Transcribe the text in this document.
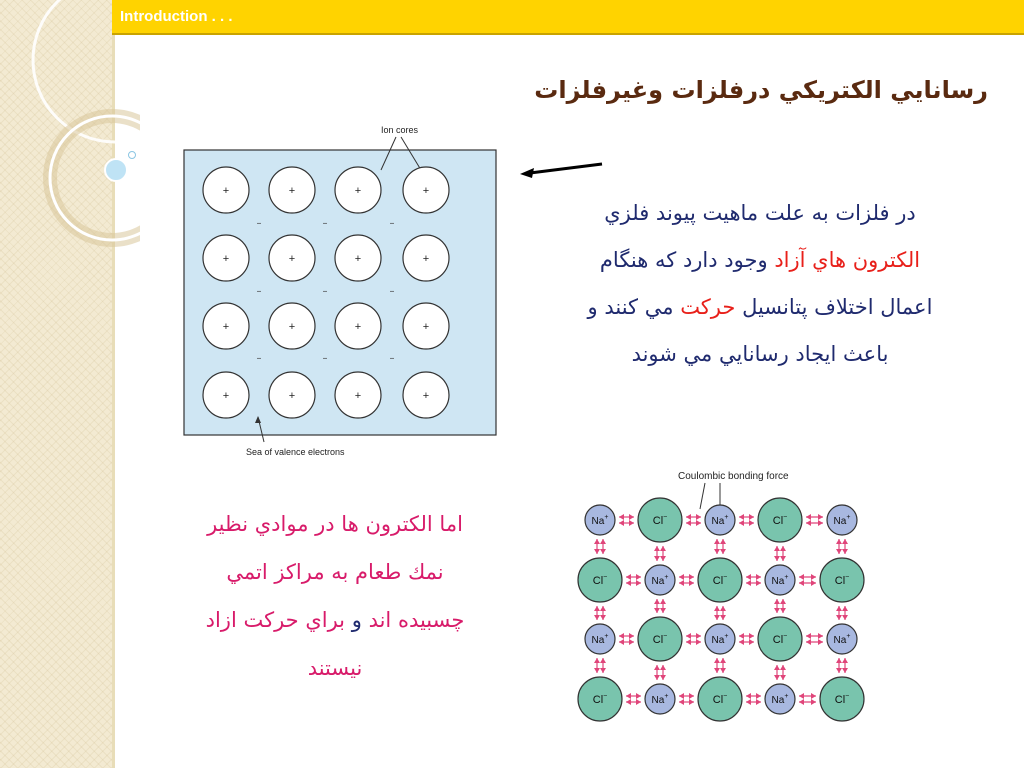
Introduction . . .
رسانايي الكتريكي درفلزات وغيرفلزات
در فلزات به علت ماهيت پيوند فلزي
الكترون هاي آزاد وجود دارد كه هنگام
اعمال اختلاف پتانسيل حركت مي كنند و
باعث ايجاد رسانايي مي شوند
اما الكترون ها در موادي نظير
نمك طعام به مراكز اتمي
چسبيده اند و براي حركت ازاد
نيستند
Ion cores
+	+	+	+
+	+	+	+
+	+	+	+
+	+	+	+
–	–	–
–	–	–
–	–	–
Sea of valence electrons
Coulombic bonding force
Na+	Cl−	Na+	Cl−	Na+
Cl−	Na+	Cl−	Na+	Cl−
Na+	Cl−	Na+	Cl−	Na+
Cl−	Na+	Cl−	Na+	Cl−
